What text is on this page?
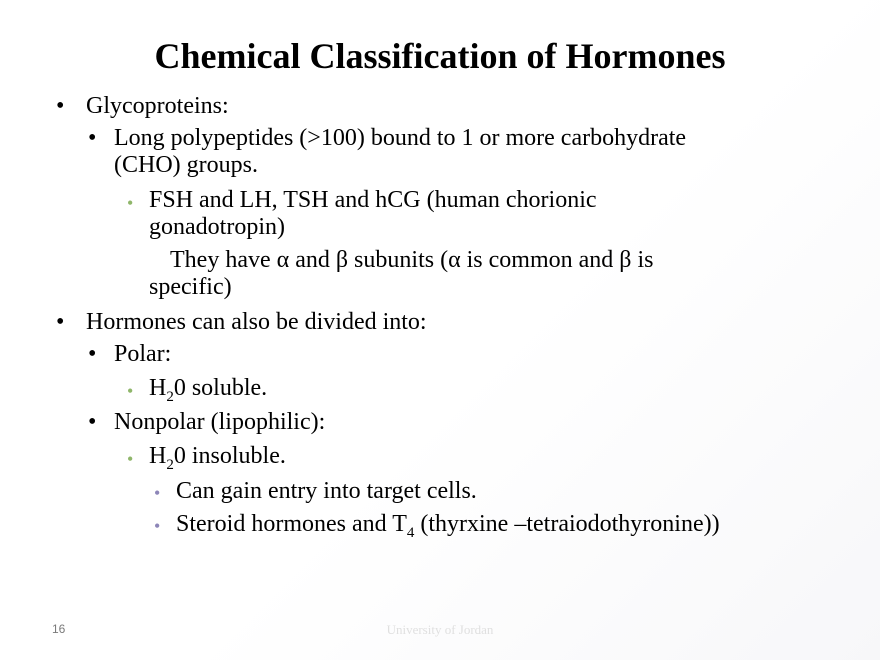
Chemical Classification of Hormones
• Glycoproteins:
• Long polypeptides (>100) bound to 1 or more carbohydrate
(CHO) groups.
• FSH and LH, TSH and hCG (human chorionic
gonadotropin)
They have α and β subunits (α is common and β is
specific)
• Hormones can also be divided into:
• Polar:
• $H_20$ soluble.
• Nonpolar (lipophilic):
• $H_20$ insoluble.
• Can gain entry into target cells.
• Steroid hormones and $T_4$ (thyrxine –tetraiodothyronine))
16	University of Jordan
